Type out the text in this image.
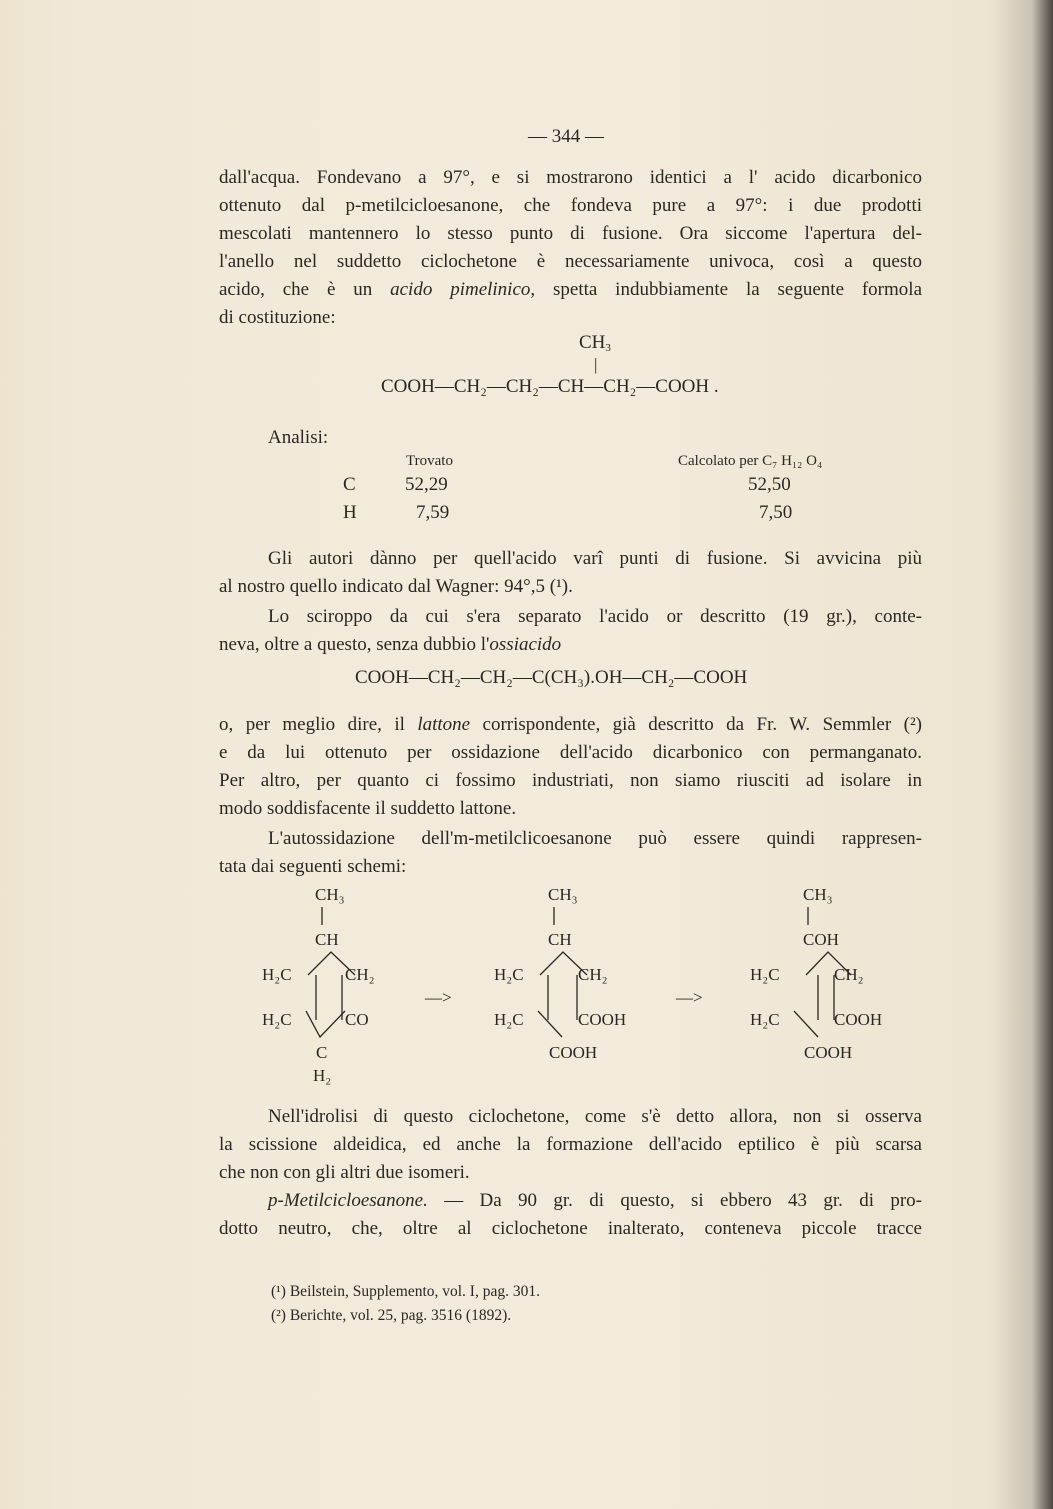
— 344 —
dall'acqua. Fondevano a 97°, e si mostrarono identici a l' acido dicarbonico
ottenuto dal p-metilcicloesanone, che fondeva pure a 97°: i due prodotti
mescolati mantennero lo stesso punto di fusione. Ora siccome l'apertura del-
l'anello nel suddetto ciclochetone è necessariamente univoca, così a questo
acido, che è un acido pimelinico, spetta indubbiamente la seguente formola
di costituzione:
$CH_3$
|
COOH—CH₂—CH₂—CH—CH₂—COOH .
Analisi:
Trovato	Calcolato per C₇ H₁₂ O₄
C	52,29	52,50
H	7,59	7,50
Gli autori dànno per quell'acido varî punti di fusione. Si avvicina più
al nostro quello indicato dal Wagner: 94°,5 (¹).
Lo sciroppo da cui s'era separato l'acido or descritto (19 gr.), conte-
neva, oltre a questo, senza dubbio l'ossiacido
COOH—CH₂—CH₂—C(CH₃).OH—CH₂—COOH
o, per meglio dire, il lattone corrispondente, già descritto da Fr. W. Semmler (²)
e da lui ottenuto per ossidazione dell'acido dicarbonico con permanganato.
Per altro, per quanto ci fossimo industriati, non siamo riusciti ad isolare in
modo soddisfacente il suddetto lattone.
L'autossidazione dell'm-metilclicoesanone può essere quindi rappresen-
tata dai seguenti schemi:
CH₃
CH
H₂C	CH₂
H₂C	CO
C
H₂
—>
CH₃
CH
H₂C	CH₂
H₂C	COOH
COOH
—>
CH₃
COH
H₂C	CH₂
H₂C	COOH
COOH
Nell'idrolisi di questo ciclochetone, come s'è detto allora, non si osserva
la scissione aldeidica, ed anche la formazione dell'acido eptilico è più scarsa
che non con gli altri due isomeri.
p-Metilcicloesanone. — Da 90 gr. di questo, si ebbero 43 gr. di pro-
dotto neutro, che, oltre al ciclochetone inalterato, conteneva piccole tracce
(¹) Beilstein, Supplemento, vol. I, pag. 301.
(²) Berichte, vol. 25, pag. 3516 (1892).
